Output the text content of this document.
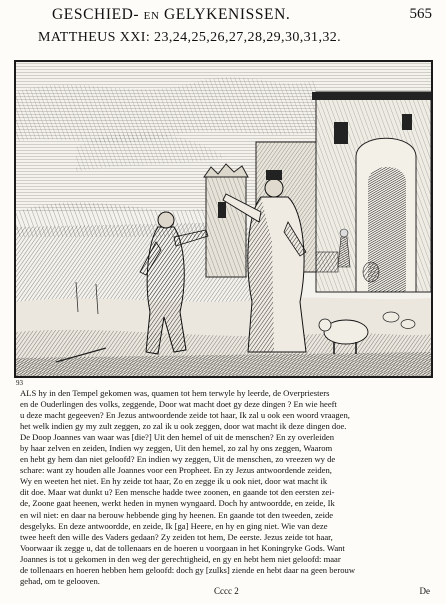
GESCHIED- en GELYKENISSEN.	565
MATTHEUS XXI: 23,24,25,26,27,28,29,30,31,32.
93
ALS hy in den Tempel gekomen was, quamen tot hem terwyle hy leerde, de Overpriesters
en de Ouderlingen des volks, zeggende, Door wat macht doet gy deze dingen ? En wie heeft
u deze macht gegeeven? En Jezus antwoordende zeide tot haar, Ik zal u ook een woord vraagen,
het welk indien gy my zult zeggen, zo zal ik u ook zeggen, door wat macht ik deze dingen doe.
De Doop Joannes van waar was [die?] Uit den hemel of uit de menschen? En zy overleiden
by haar zelven en zeiden, Indien wy zeggen, Uit den hemel, zo zal hy ons zeggen, Waarom
en hebt gy hem dan niet geloofd? En indien wy zeggen, Uit de menschen, zo vreezen wy de
schare: want zy houden alle Joannes voor een Propheet. En zy Jezus antwoordende zeiden,
Wy en weeten het niet. En hy zeide tot haar, Zo en zegge ik u ook niet, door wat macht ik
dit doe. Maar wat dunkt u? Een mensche hadde twee zoonen, en gaande tot den eersten zei-
de, Zoone gaat heenen, werkt heden in mynen wyngaard. Doch hy antwoordde, en zeide, Ik
en wil niet: en daar na berouw hebbende ging hy heenen. En gaande tot den tweeden, zeide
desgelyks. En deze antwoordde, en zeide, Ik [ga] Heere, en hy en ging niet. Wie van deze
twee heeft den wille des Vaders gedaan? Zy zeiden tot hem, De eerste. Jezus zeide tot haar,
Voorwaar ik zegge u, dat de tollenaars en de hoeren u voorgaan in het Koningryke Gods. Want
Joannes is tot u gekomen in den weg der gerechtigheid, en gy en hebt hem niet geloofd: maar
de tollenaars en hoeren hebben hem geloofd: doch gy [zulks] ziende en hebt daar na geen berouw
gehad, om te gelooven.
Cccc 2	De
